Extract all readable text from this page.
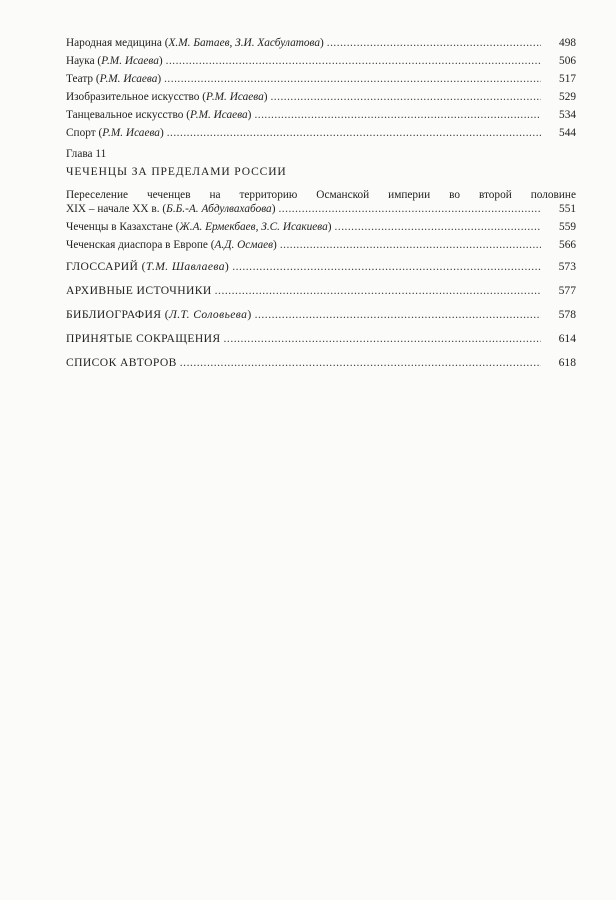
Народная медицина (Х.М. Батаев, З.И. Хасбулатова) .....	498
Наука (Р.М. Исаева) .....	506
Театр (Р.М. Исаева) .....	517
Изобразительное искусство (Р.М. Исаева) .....	529
Танцевальное искусство (Р.М. Исаева) .....	534
Спорт (Р.М. Исаева) .....	544
Глава 11
ЧЕЧЕНЦЫ ЗА ПРЕДЕЛАМИ РОССИИ
Переселение чеченцев на территорию Османской империи во второй половине
XIX – начале XX в. (Б.Б.-А. Абдулвахабова) .....	551
Чеченцы в Казахстане (Ж.А. Ермекбаев, З.С. Исакиева) .....	559
Чеченская диаспора в Европе (А.Д. Осмаев) .....	566
ГЛОССАРИЙ (Т.М. Шавлаева) .....	573
АРХИВНЫЕ ИСТОЧНИКИ .....	577
БИБЛИОГРАФИЯ (Л.Т. Соловьева) .....	578
ПРИНЯТЫЕ СОКРАЩЕНИЯ .....	614
СПИСОК АВТОРОВ .....	618
